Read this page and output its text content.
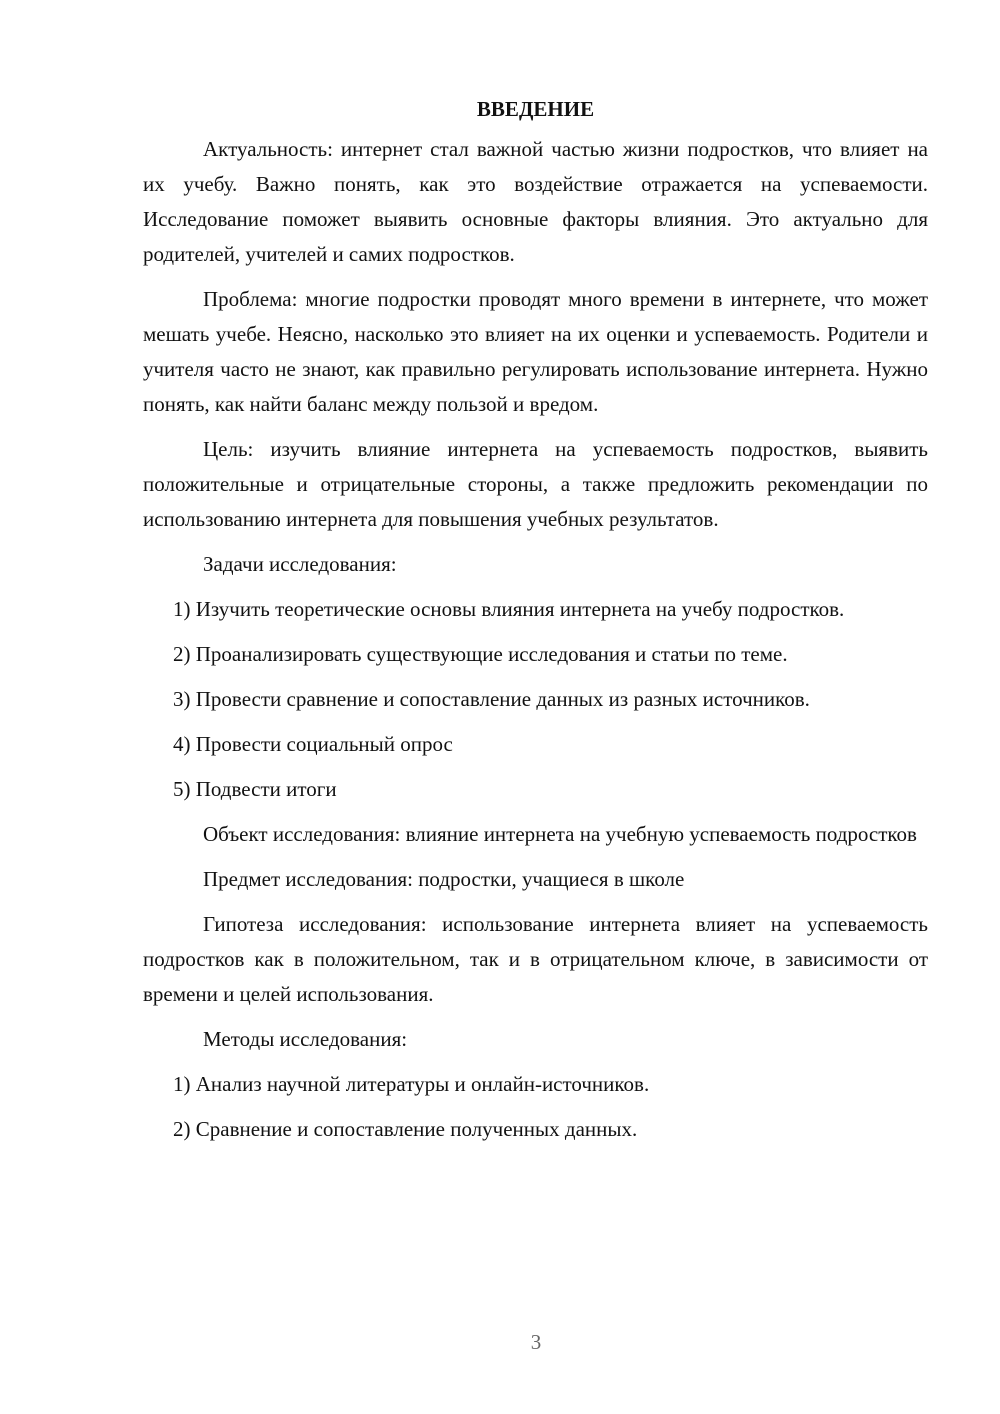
ВВЕДЕНИЕ

Актуальность: интернет стал важной частью жизни подростков, что влияет на их учебу. Важно понять, как это воздействие отражается на успеваемости. Исследование поможет выявить основные факторы влияния. Это актуально для родителей, учителей и самих подростков.

Проблема: многие подростки проводят много времени в интернете, что может мешать учебе. Неясно, насколько это влияет на их оценки и успеваемость. Родители и учителя часто не знают, как правильно регулировать использование интернета. Нужно понять, как найти баланс между пользой и вредом.

Цель: изучить влияние интернета на успеваемость подростков, выявить положительные и отрицательные стороны, а также предложить рекомендации по использованию интернета для повышения учебных результатов.

Задачи исследования:

1) Изучить теоретические основы влияния интернета на учебу подростков.

2) Проанализировать существующие исследования и статьи по теме.

3) Провести сравнение и сопоставление данных из разных источников.

4) Провести социальный опрос

5) Подвести итоги

Объект исследования: влияние интернета на учебную успеваемость подростков

Предмет исследования: подростки, учащиеся в школе

Гипотеза исследования: использование интернета влияет на успеваемость подростков как в положительном, так и в отрицательном ключе, в зависимости от времени и целей использования.

Методы исследования:

1) Анализ научной литературы и онлайн-источников.

2) Сравнение и сопоставление полученных данных.

3
